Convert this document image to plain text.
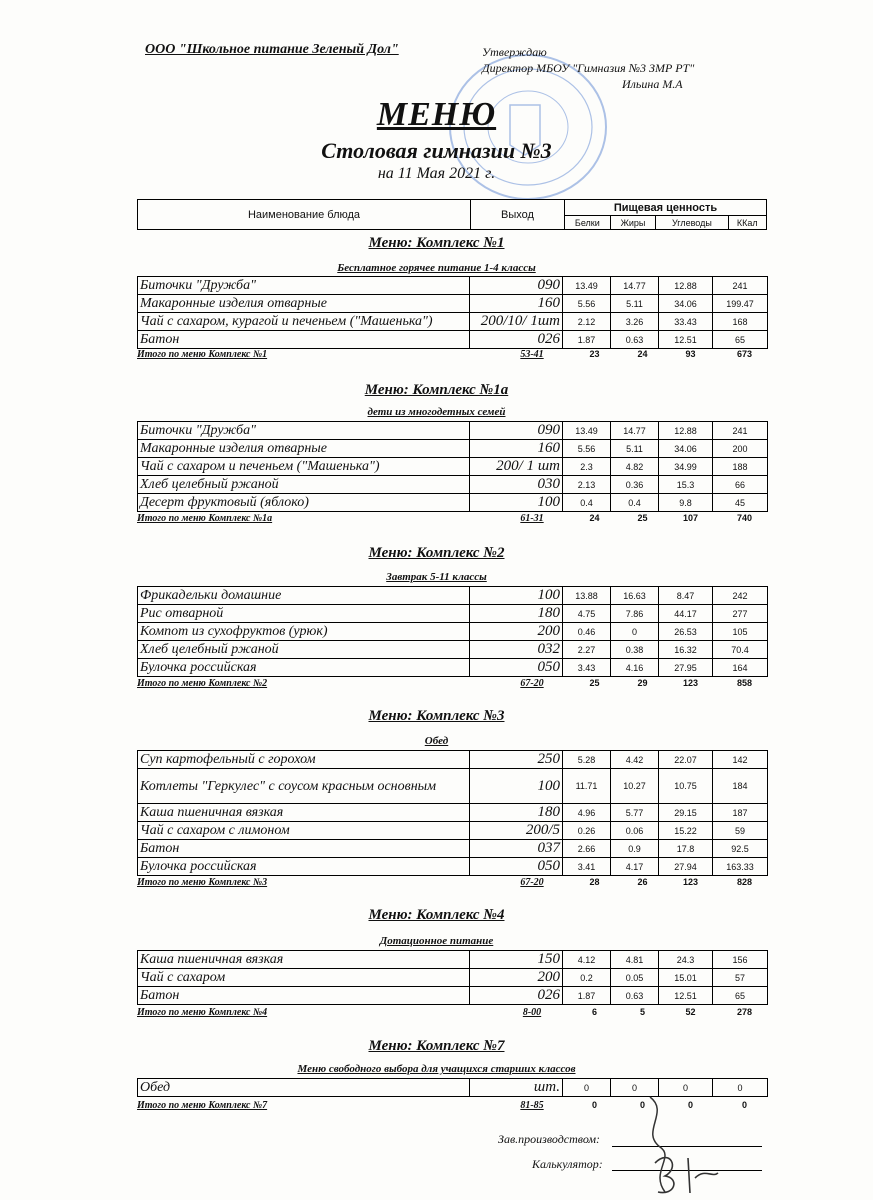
ООО "Школьное питание Зеленый Дол"	Утверждаю
Директор МБОУ "Гимназия №3 ЗМР РТ"
Ильина М.А
МЕНЮ
Столовая гимназии №3
на 11 Мая 2021 г.
Наименование блюда	Выход	Пищевая ценность			
		Белки	Жиры	Углеводы	ККал
Меню: Комплекс №1
Бесплатное горячее питание 1-4 классы
Биточки "Дружба"	090	13.49	14.77	12.88	241
Макаронные изделия отварные	160	5.56	5.11	34.06	199.47
Чай с сахаром, курагой и печеньем ("Машенька")	200/10/ 1шт	2.12	3.26	33.43	168
Батон	026	1.87	0.63	12.51	65
Итого по меню Комплекс №1	53-41	23	24	93	673
Меню: Комплекс №1а
дети из многодетных семей
Биточки "Дружба"	090	13.49	14.77	12.88	241
Макаронные изделия отварные	160	5.56	5.11	34.06	200
Чай с сахаром и печеньем ("Машенька")	200/ 1 шт	2.3	4.82	34.99	188
Хлеб целебный ржаной	030	2.13	0.36	15.3	66
Десерт фруктовый (яблоко)	100	0.4	0.4	9.8	45
Итого по меню Комплекс №1а	61-31	24	25	107	740
Меню: Комплекс №2
Завтрак 5-11 классы
Фрикадельки домашние	100	13.88	16.63	8.47	242
Рис отварной	180	4.75	7.86	44.17	277
Компот из сухофруктов (урюк)	200	0.46	0	26.53	105
Хлеб целебный ржаной	032	2.27	0.38	16.32	70.4
Булочка российская	050	3.43	4.16	27.95	164
Итого по меню Комплекс №2	67-20	25	29	123	858
Меню: Комплекс №3
Обед
Суп картофельный с горохом	250	5.28	4.42	22.07	142
Котлеты "Геркулес" с соусом красным основным	100	11.71	10.27	10.75	184
Каша пшеничная вязкая	180	4.96	5.77	29.15	187
Чай с сахаром с лимоном	200/5	0.26	0.06	15.22	59
Батон	037	2.66	0.9	17.8	92.5
Булочка российская	050	3.41	4.17	27.94	163.33
Итого по меню Комплекс №3	67-20	28	26	123	828
Меню: Комплекс №4
Дотационное питание
Каша пшеничная вязкая	150	4.12	4.81	24.3	156
Чай с сахаром	200	0.2	0.05	15.01	57
Батон	026	1.87	0.63	12.51	65
Итого по меню Комплекс №4	8-00	6	5	52	278
Меню: Комплекс №7
Меню свободного выбора для учащихся старших классов
Обед	шт.	0	0	0	0
Итого по меню Комплекс №7	81-85	0	0	0	0
Зав.производством:
Калькулятор:
